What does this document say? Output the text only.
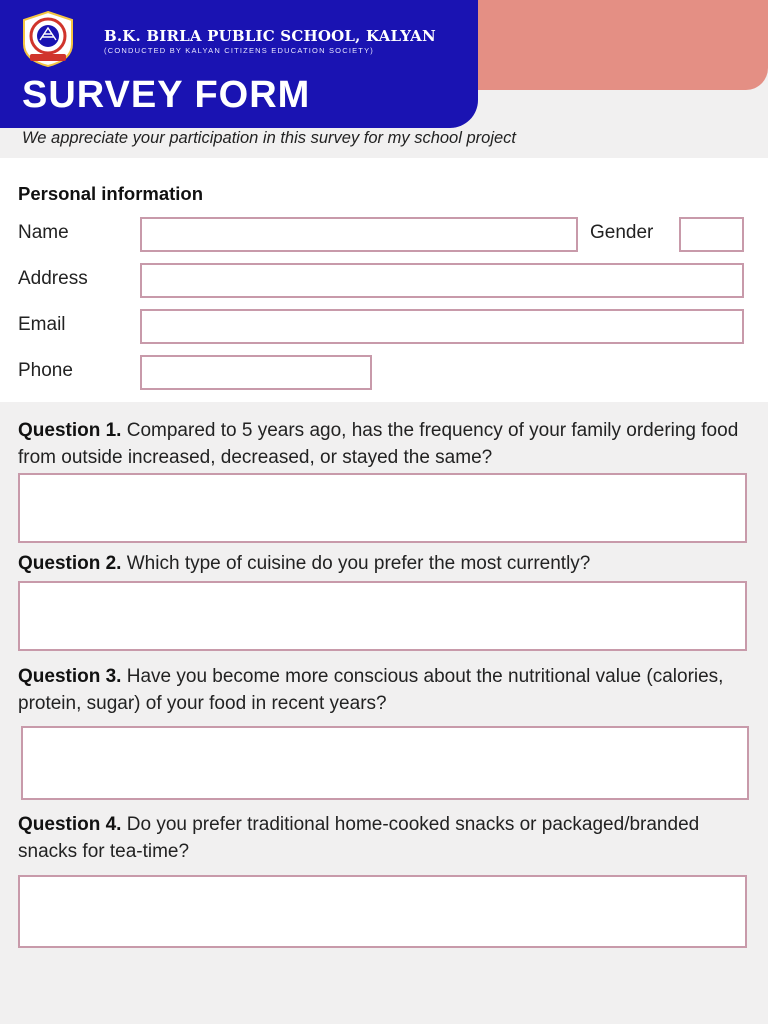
B.K. BIRLA PUBLIC SCHOOL, KALYAN
(CONDUCTED BY KALYAN CITIZENS EDUCATION SOCIETY)
SURVEY FORM
We appreciate your participation in this survey for my school project
Personal information
Name	Gender
Address
Email
Phone
Question 1. Compared to 5 years ago, has the frequency of your family ordering food from outside increased, decreased, or stayed the same?
Question 2. Which type of cuisine do you prefer the most currently?
Question 3. Have you become more conscious about the nutritional value (calories, protein, sugar) of your food in recent years?
Question 4. Do you prefer traditional home-cooked snacks or packaged/branded snacks for tea-time?
